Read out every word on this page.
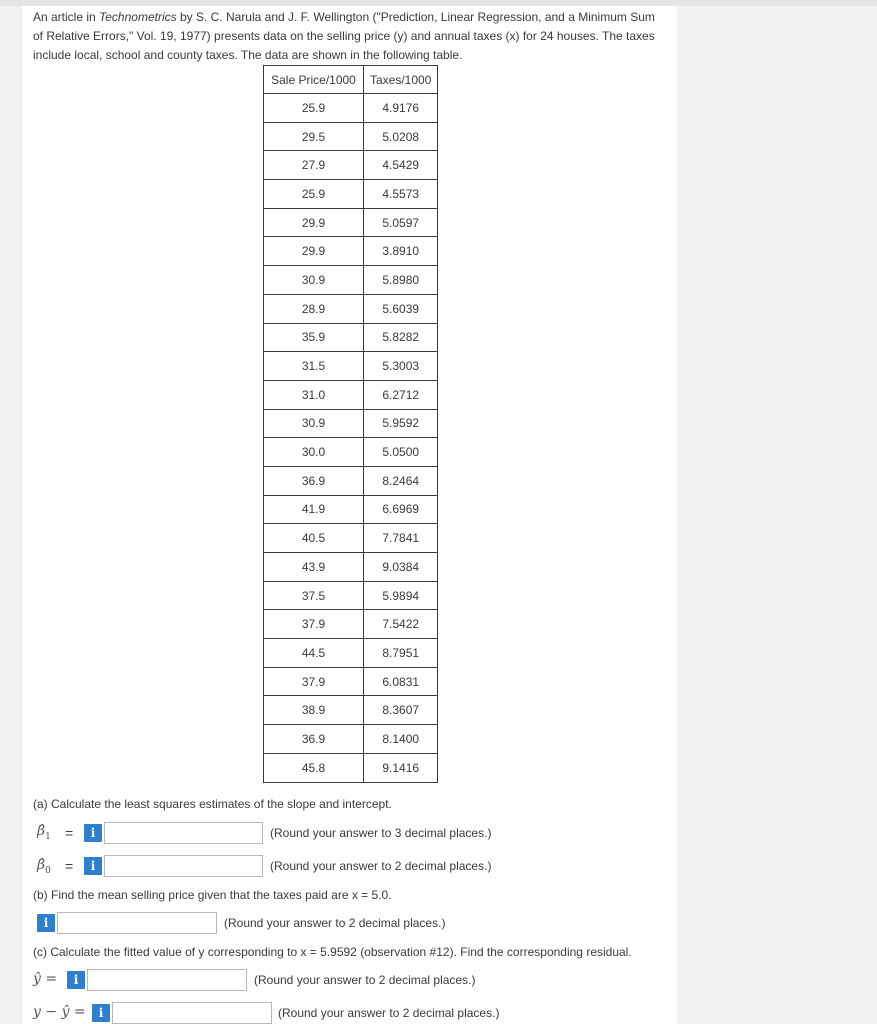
An article in Technometrics by S. C. Narula and J. F. Wellington ("Prediction, Linear Regression, and a Minimum Sum of Relative Errors," Vol. 19, 1977) presents data on the selling price (y) and annual taxes (x) for 24 houses. The taxes include local, school and county taxes. The data are shown in the following table.
Sale Price/1000	Taxes/1000
25.9	4.9176
29.5	5.0208
27.9	4.5429
25.9	4.5573
29.9	5.0597
29.9	3.8910
30.9	5.8980
28.9	5.6039
35.9	5.8282
31.5	5.3003
31.0	6.2712
30.9	5.9592
30.0	5.0500
36.9	8.2464
41.9	6.6969
40.5	7.7841
43.9	9.0384
37.5	5.9894
37.9	7.5422
44.5	8.7951
37.9	6.0831
38.9	8.3607
36.9	8.1400
45.8	9.1416
(a) Calculate the least squares estimates of the slope and intercept.
$\betâ_1$ =	i	(Round your answer to 3 decimal places.)
$\betâ_0$ =	i	(Round your answer to 2 decimal places.)
(b) Find the mean selling price given that the taxes paid are x = 5.0.
i	(Round your answer to 2 decimal places.)
(c) Calculate the fitted value of y corresponding to x = 5.9592 (observation #12). Find the corresponding residual.
ŷ =	i	(Round your answer to 2 decimal places.)
y − ŷ =	i	(Round your answer to 2 decimal places.)
